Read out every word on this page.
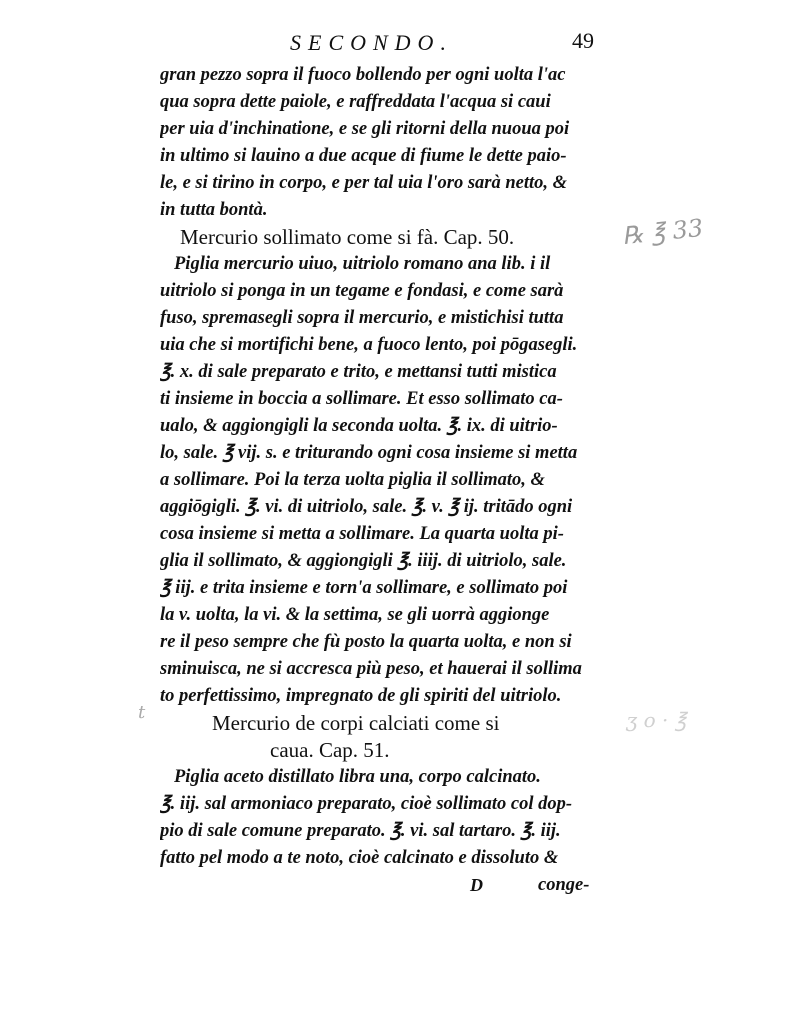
SECONDO.	49
gran pezzo sopra il fuoco bollendo per ogni uolta l'ac
qua sopra dette paiole, e raffreddata l'acqua si caui
per uia d'inchinatione, e se gli ritorni della nuoua poi
in ultimo si lauino a due acque di fiume le dette paio-
le, e si tirino in corpo, e per tal uia l'oro sarà netto, &
in tutta bontà.
Mercurio sollimato come si fà. Cap. 50.
Piglia mercurio uiuo, uitriolo romano ana lib. i il
uitriolo si ponga in un tegame e fondasi, e come sarà
fuso, spremasegli sopra il mercurio, e mistichisi tutta
uia che si mortifichi bene, a fuoco lento, poi pōgasegli.
℥. x. di sale preparato e trito, e mettansi tutti mistica
ti insieme in boccia a sollimare. Et esso sollimato ca-
ualo, & aggiongigli la seconda uolta. ℥. ix. di uitrio-
lo, sale. ℥ vij. s. e triturando ogni cosa insieme si metta
a sollimare. Poi la terza uolta piglia il sollimato, &
aggiōgigli. ℥. vi. di uitriolo, sale. ℥. v. ℥ ij. tritādo ogni
cosa insieme si metta a sollimare. La quarta uolta pi-
glia il sollimato, & aggiongigli ℥. iiij. di uitriolo, sale.
℥ iij. e trita insieme e torn'a sollimare, e sollimato poi
la v. uolta, la vi. & la settima, se gli uorrà aggionge
re il peso sempre che fù posto la quarta uolta, e non si
sminuisca, ne si accresca più peso, et hauerai il sollima
to perfettissimo, impregnato de gli spiriti del uitriolo.
Mercurio de corpi calciati come si
caua. Cap. 51.
Piglia aceto distillato libra una, corpo calcinato.
℥. iij. sal armoniaco preparato, cioè sollimato col dop-
pio di sale comune preparato. ℥. vi. sal tartaro. ℥. iij.
fatto pel modo a te noto, cioè calcinato e dissoluto &
D	conge-
℞ ℥ 33
ʒ o · ℥
t
